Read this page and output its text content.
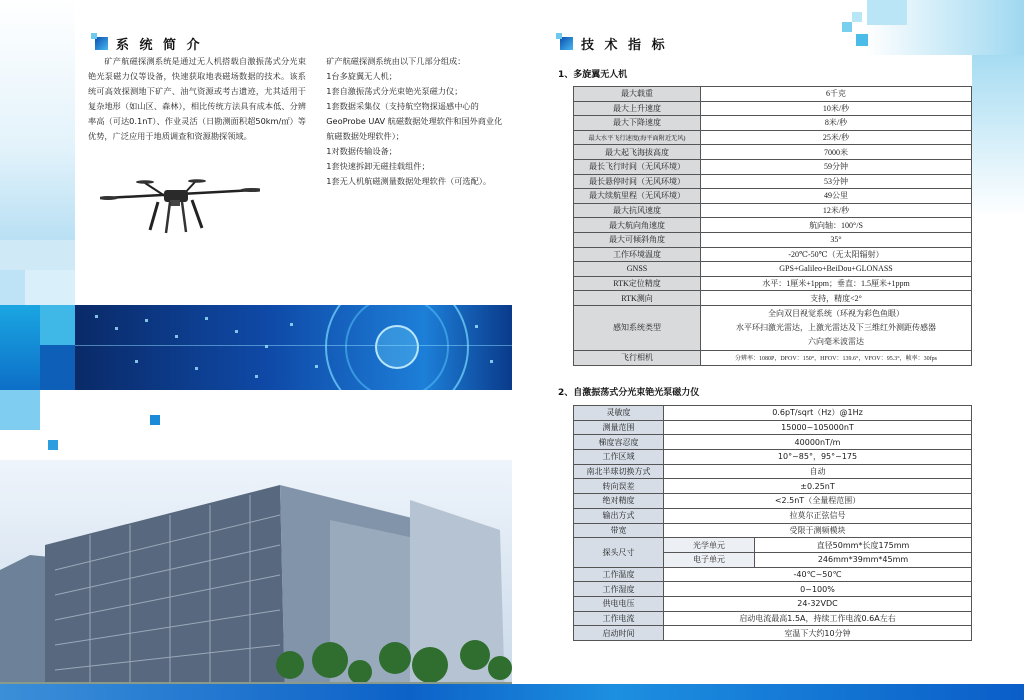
系 统 简 介

矿产航磁探测系统是通过无人机搭载自激振荡式分光束铯光泵磁力仪等设备，快速获取地表磁场数据的技术。该系统可高效探测地下矿产、油气资源或考古遗迹，尤其适用于复杂地形（如山区、森林），相比传统方法具有成本低、分辨率高（可达0.1nT）、作业灵活（日勘测面积超50km/㎡）等优势，广泛应用于地质调查和资源勘探领域。

矿产航磁探测系统由以下几部分组成：
1台多旋翼无人机；
1套自激振荡式分光束铯光泵磁力仪；
1套数据采集仪（支持航空物探遥感中心的GeoProbe UAV 航磁数据处理软件和国外商业化航磁数据处理软件）；
1对数据传输设备；
1套快速拆卸无磁挂载组件；
1套无人机航磁测量数据处理软件（可选配）。
技 术 指 标
1、多旋翼无人机
最大载重	6千克
最大上升速度	10米/秒
最大下降速度	8米/秒
最大水平飞行速度(海平面附近无风)	25米/秒
最大起飞海拔高度	7000米
最长飞行时间（无风环境）	59分钟
最长悬停时间（无风环境）	53分钟
最大续航里程（无风环境）	49公里
最大抗风速度	12米/秒
最大航向角速度	航向轴：100°/S
最大可倾斜角度	35°
工作环境温度	-20℃-50℃（无太阳辐射）
GNSS	GPS+Galileo+BeiDou+GLONASS
RTK定位精度	水平：1厘米+1ppm；垂直：1.5厘米+1ppm
RTK测向	支持，精度<2°
感知系统类型	全向双目视觉系统（环视为彩色鱼眼）
水平环扫激光雷达，上激光雷达及下三维红外测距传感器
六向毫米波雷达

飞行相机	分辨率：1080P，DFOV：150°，HFOV：139.6°，VFOV：95.3°，帧率：30fps
2、自激振荡式分光束铯光泵磁力仪
灵敏度	0.6pT/sqrt（Hz）@1Hz	
测量范围	15000~105000nT	
梯度容忍度	40000nT/m	
工作区域	10°~85°，95°~175	
南北半球切换方式	自动	
转向误差	±0.25nT	
绝对精度	<2.5nT（全量程范围）	
输出方式	拉莫尔正弦信号	
带宽	受限于测频模块	
探头尺寸	光学单元	直径50mm*长度175mm
	电子单元	246mm*39mm*45mm
工作温度	-40℃~50℃	
工作湿度	0~100%	
供电电压	24-32VDC	
工作电流	启动电流最高1.5A，持续工作电流0.6A左右	
启动时间	室温下大约10分钟	
